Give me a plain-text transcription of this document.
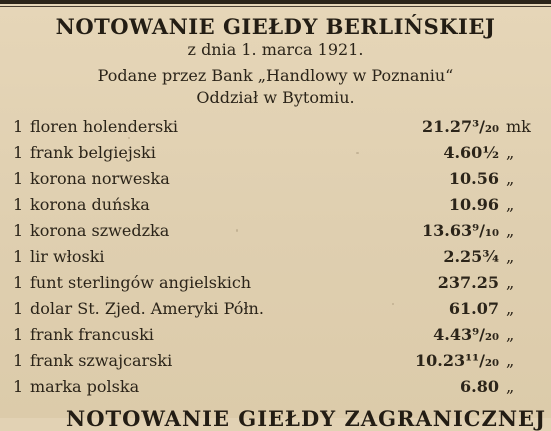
NOTOWANIE GIEŁDY BERLIŃSKIEJ
z dnia 1. marca 1921.
Podane przez Bank „Handlowy w Poznaniu“
Oddział w Bytomiu.
1 floren holenderski	21.27³/₂₀ mk
1 frank belgiejski	4.60½ „
1 korona norweska	10.56 „
1 korona duńska	10.96 „
1 korona szwedzka	13.63⁹/₁₀ „
1 lir włoski	2.25¾ „
1 funt sterlingów angielskich	237.25 „
1 dolar St. Zjed. Ameryki Półn.	61.07 „
1 frank francuski	4.43⁹/₂₀ „
1 frank szwajcarski	10.23¹¹/₂₀ „
1 marka polska	6.80 „
NOTOWANIE GIEŁDY ZAGRANICZNEJ
